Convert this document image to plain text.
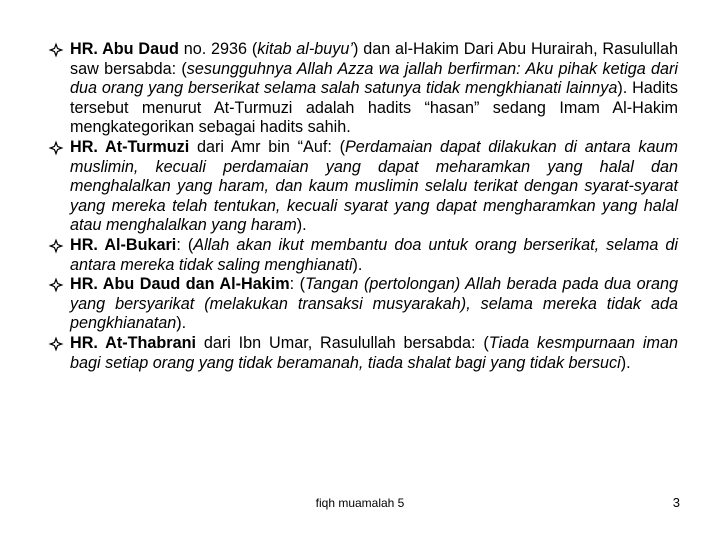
HR. Abu Daud no. 2936 (kitab al-buyu’) dan al-Hakim Dari Abu Hurairah, Rasulullah saw bersabda: (sesungguhnya Allah Azza wa jallah berfirman: Aku pihak ketiga dari dua orang yang berserikat selama salah satunya tidak mengkhianati lainnya). Hadits tersebut menurut At-Turmuzi adalah hadits “hasan” sedang Imam Al-Hakim mengkategorikan sebagai hadits sahih.
HR. At-Turmuzi dari Amr bin “Auf: (Perdamaian dapat dilakukan di antara kaum muslimin, kecuali perdamaian yang dapat meharamkan yang halal dan menghalalkan yang haram, dan kaum muslimin selalu terikat dengan syarat-syarat yang mereka telah tentukan, kecuali syarat yang dapat mengharamkan yang halal atau menghalalkan yang haram).
HR. Al-Bukari: (Allah akan ikut membantu doa untuk orang berserikat, selama di antara mereka tidak saling menghianati).
HR. Abu Daud dan Al-Hakim: (Tangan (pertolongan) Allah berada pada dua orang yang bersyarikat (melakukan transaksi musyarakah), selama mereka tidak ada pengkhianatan).
HR. At-Thabrani dari Ibn Umar, Rasulullah bersabda: (Tiada kesmpurnaan iman bagi setiap orang yang tidak beramanah, tiada shalat bagi yang tidak bersuci).
fiqh muamalah 5	3
